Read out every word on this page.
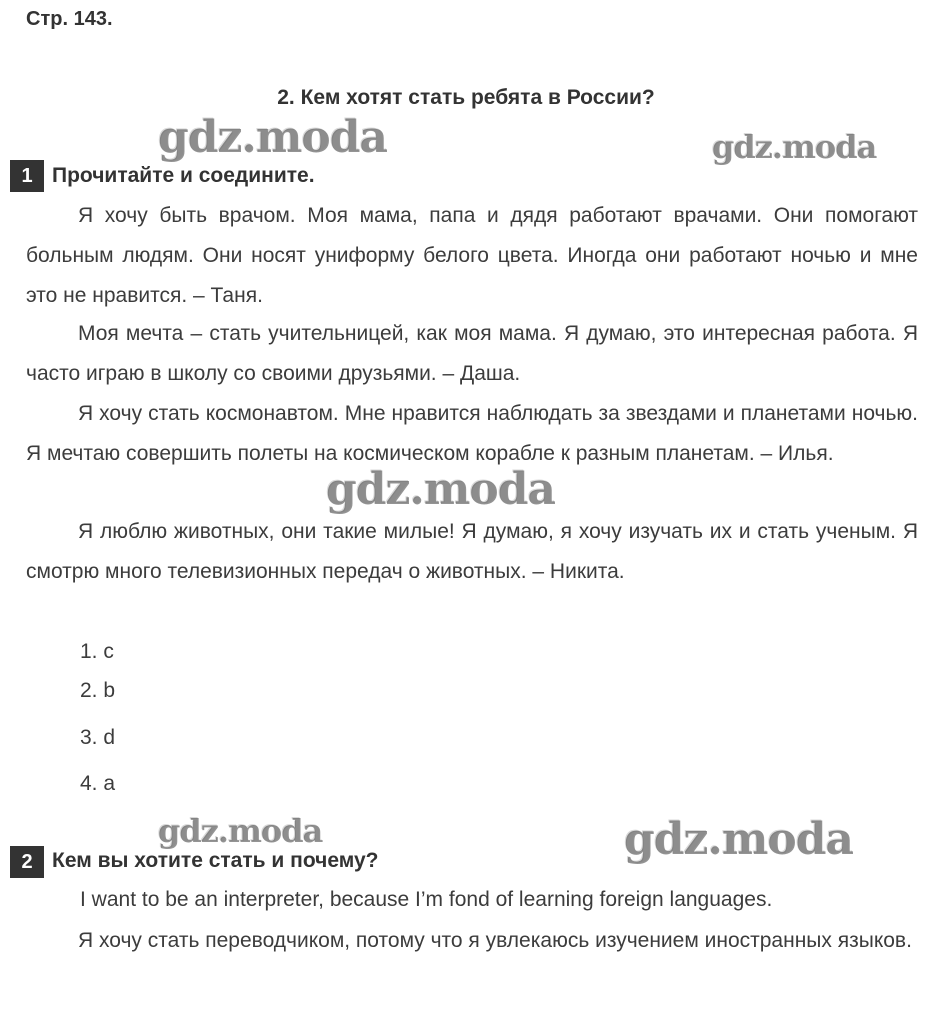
Стр. 143.
2. Кем хотят стать ребята в России?
gdz.moda	gdz.moda
gdz.moda
gdz.moda	gdz.moda
1 Прочитайте и соедините.
Я хочу быть врачом. Моя мама, папа и дядя работают врачами. Они помогают больным людям. Они носят униформу белого цвета. Иногда они работают ночью и мне это не нравится. – Таня.
Моя мечта – стать учительницей, как моя мама. Я думаю, это интересная работа. Я часто играю в школу со своими друзьями. – Даша.
Я хочу стать космонавтом. Мне нравится наблюдать за звездами и планетами ночью. Я мечтаю совершить полеты на космическом корабле к разным планетам. – Илья.
Я люблю животных, они такие милые! Я думаю, я хочу изучать их и стать ученым. Я смотрю много телевизионных передач о животных. – Никита.
1. c
2. b
3. d
4. a
2 Кем вы хотите стать и почему?
I want to be an interpreter, because I’m fond of learning foreign languages.
Я хочу стать переводчиком, потому что я увлекаюсь изучением иностранных языков.
